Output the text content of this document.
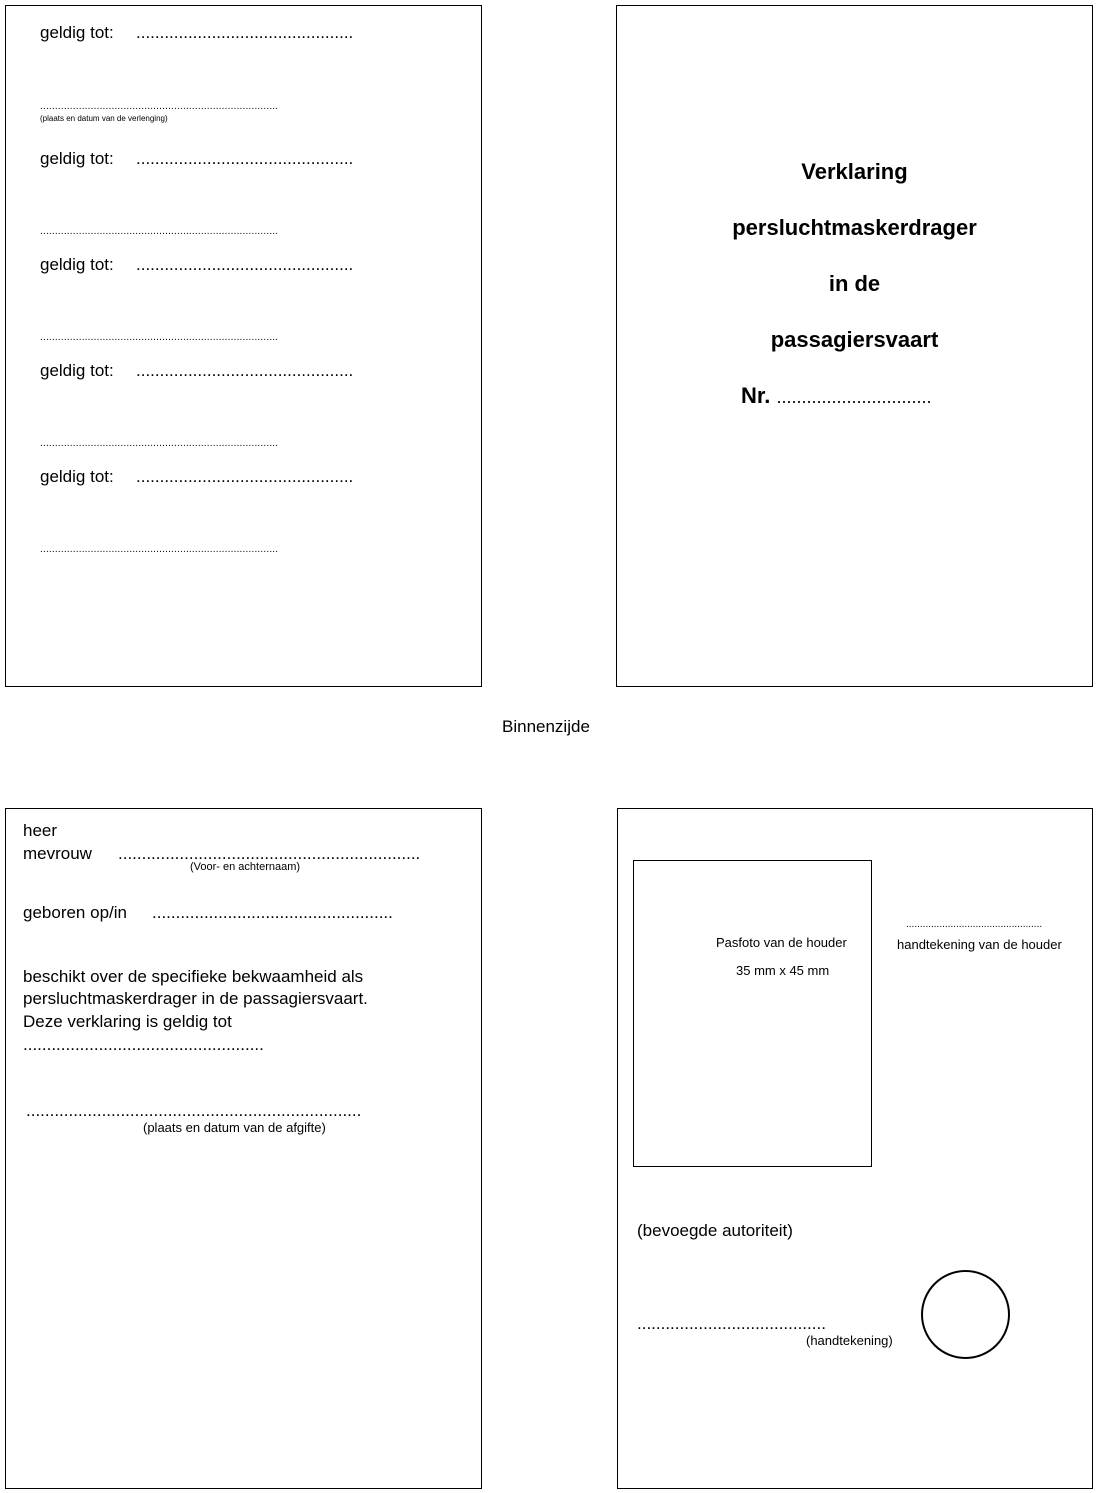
geldig tot: ..............................................
................................................................................
(plaats en datum van de verlenging)
geldig tot: ..............................................
................................................................................
geldig tot: ..............................................
................................................................................
geldig tot: ..............................................
................................................................................
geldig tot: ..............................................
................................................................................
Verklaring
persluchtmaskerdrager
in de
passagiersvaart
Nr. ...............................
Binnenzijde
heer
mevrouw ................................................................
(Voor- en achternaam)
geboren op/in ...................................................
beschikt over de specifieke bekwaamheid als
persluchtmaskerdrager in de passagiersvaart.
Deze verklaring is geldig tot
...................................................
.......................................................................
(plaats en datum van de afgifte)
Pasfoto van de houder
35 mm x 45 mm
.................................................
handtekening van de houder
(bevoegde autoriteit)
........................................
(handtekening)
